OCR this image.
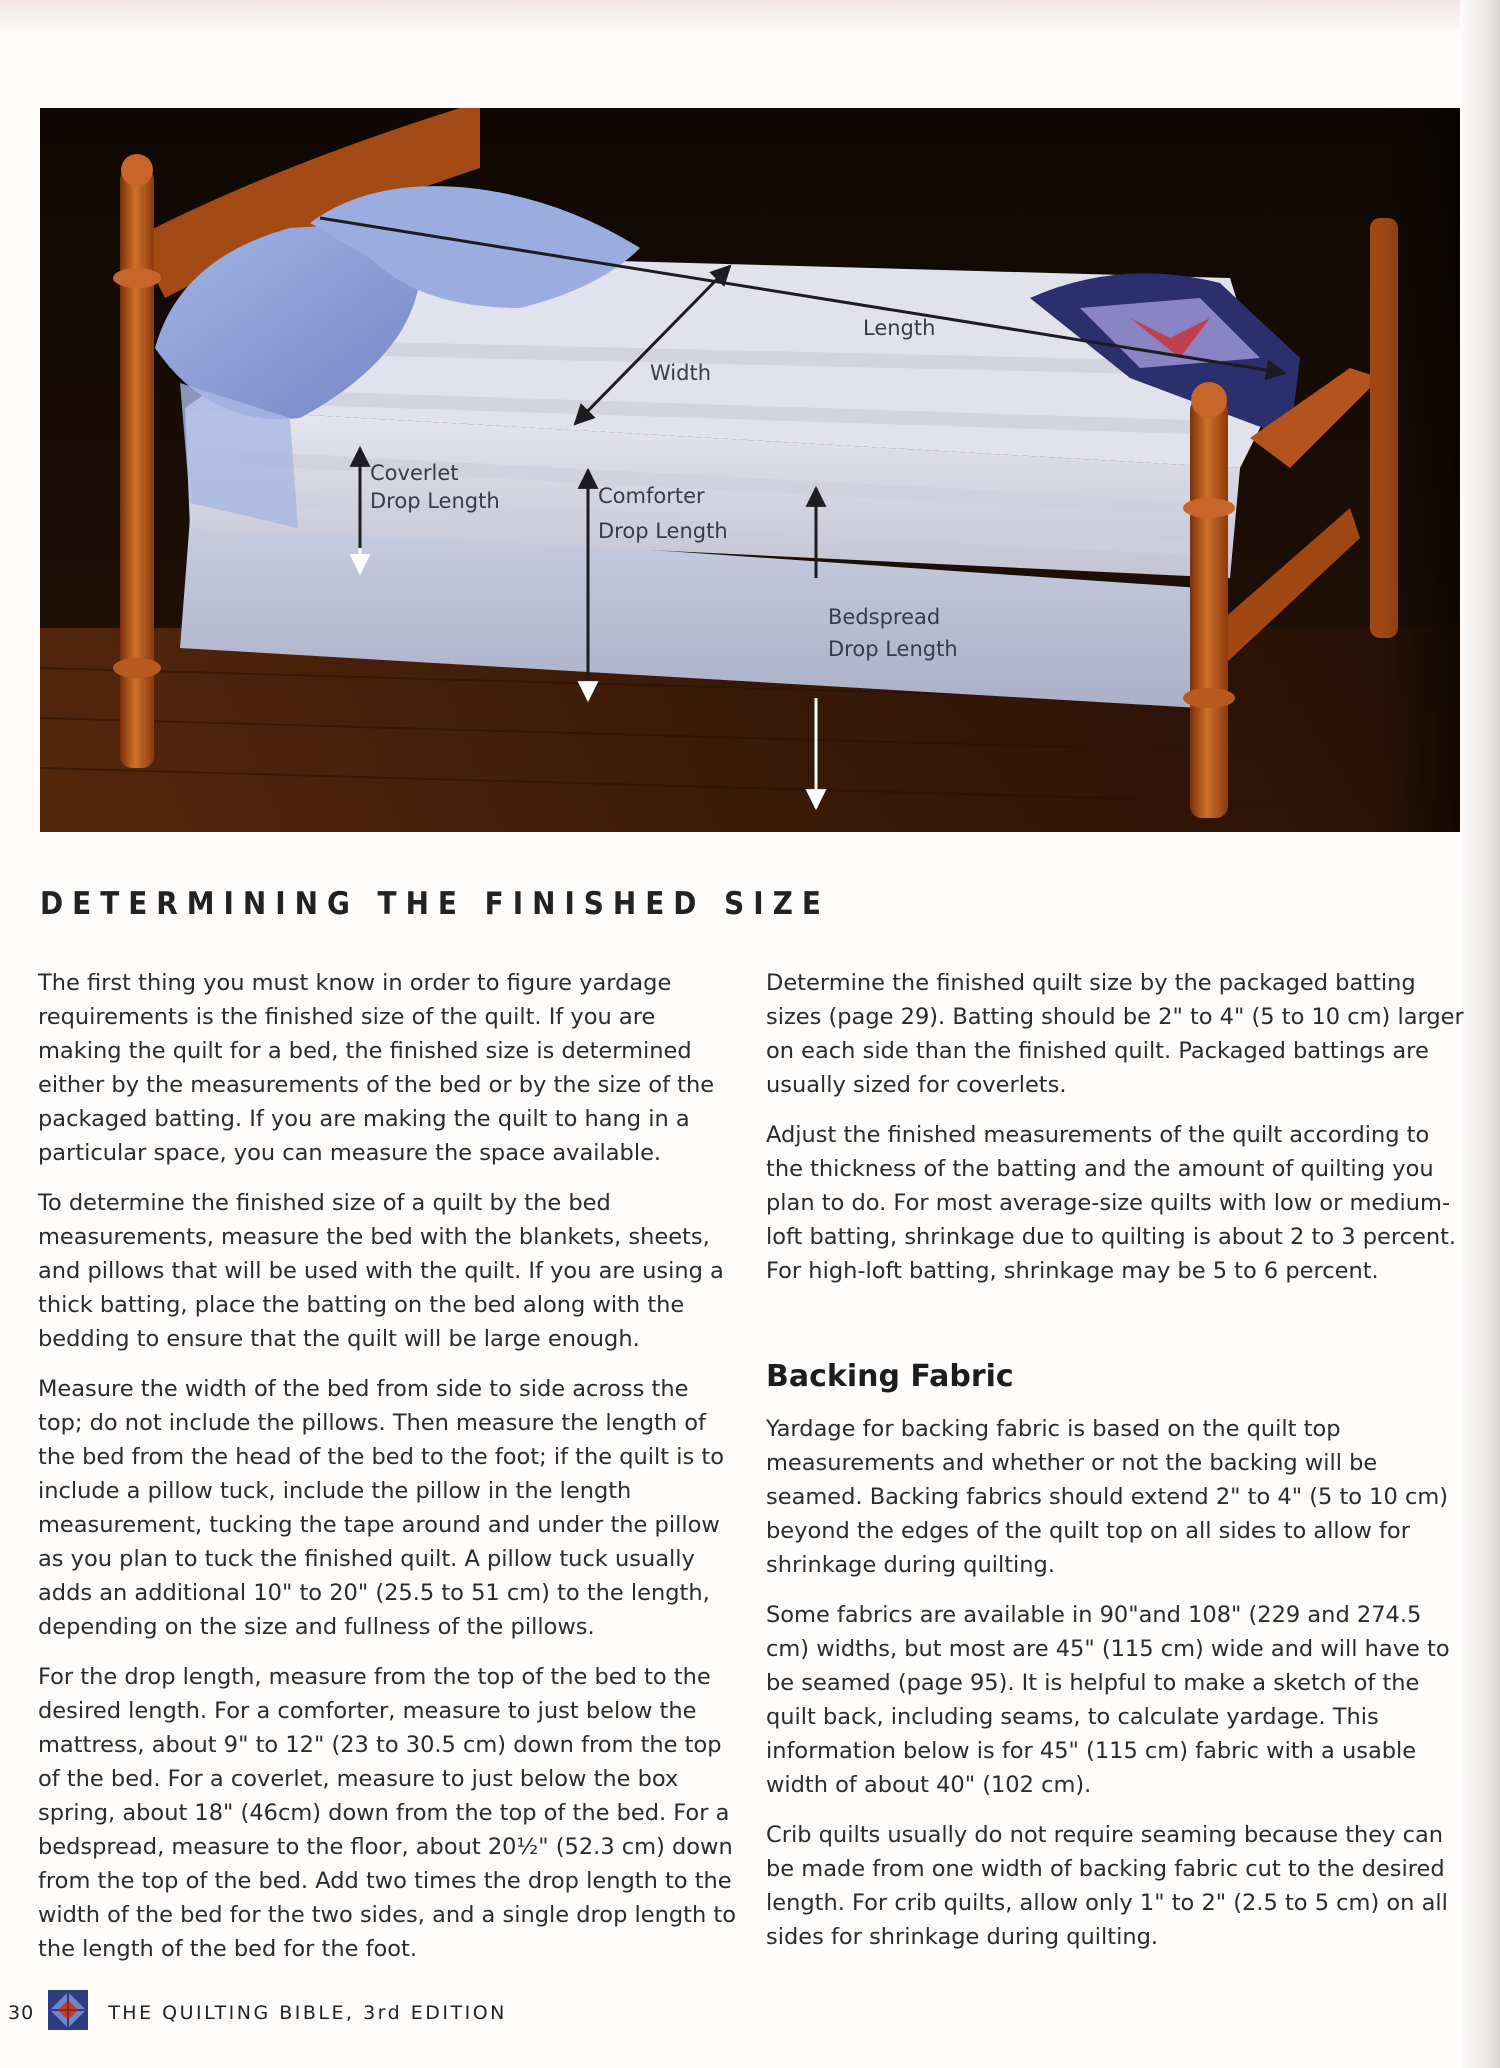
Length
Width
Coverlet
Drop Length	Comforter
Drop Length
Bedspread
Drop Length
DETERMINING THE FINISHED SIZE

The first thing you must know in order to figure yardage requirements is the finished size of the quilt. If you are making the quilt for a bed, the finished size is determined either by the measurements of the bed or by the size of the packaged batting. If you are making the quilt to hang in a particular space, you can measure the space available.

To determine the finished size of a quilt by the bed measurements, measure the bed with the blankets, sheets, and pillows that will be used with the quilt. If you are using a thick batting, place the batting on the bed along with the bedding to ensure that the quilt will be large enough.

Measure the width of the bed from side to side across the top; do not include the pillows. Then measure the length of the bed from the head of the bed to the foot; if the quilt is to include a pillow tuck, include the pillow in the length measurement, tucking the tape around and under the pillow as you plan to tuck the finished quilt. A pillow tuck usually adds an additional 10" to 20" (25.5 to 51 cm) to the length, depending on the size and fullness of the pillows.

For the drop length, measure from the top of the bed to the desired length. For a comforter, measure to just below the mattress, about 9" to 12" (23 to 30.5 cm) down from the top of the bed. For a coverlet, measure to just below the box spring, about 18" (46cm) down from the top of the bed. For a bedspread, measure to the floor, about 20½" (52.3 cm) down from the top of the bed. Add two times the drop length to the width of the bed for the two sides, and a single drop length to the length of the bed for the foot.

Determine the finished quilt size by the packaged batting sizes (page 29). Batting should be 2" to 4" (5 to 10 cm) larger on each side than the finished quilt. Packaged battings are usually sized for coverlets.

Adjust the finished measurements of the quilt according to the thickness of the batting and the amount of quilting you plan to do. For most average-size quilts with low or medium-loft batting, shrinkage due to quilting is about 2 to 3 percent. For high-loft batting, shrinkage may be 5 to 6 percent.

Backing Fabric

Yardage for backing fabric is based on the quilt top measurements and whether or not the backing will be seamed. Backing fabrics should extend 2" to 4" (5 to 10 cm) beyond the edges of the quilt top on all sides to allow for shrinkage during quilting.

Some fabrics are available in 90"and 108" (229 and 274.5 cm) widths, but most are 45" (115 cm) wide and will have to be seamed (page 95). It is helpful to make a sketch of the quilt back, including seams, to calculate yardage. This information below is for 45" (115 cm) fabric with a usable width of about 40" (102 cm).

Crib quilts usually do not require seaming because they can be made from one width of backing fabric cut to the desired length. For crib quilts, allow only 1" to 2" (2.5 to 5 cm) on all sides for shrinkage during quilting.

30	THE QUILTING BIBLE, 3rd EDITION
